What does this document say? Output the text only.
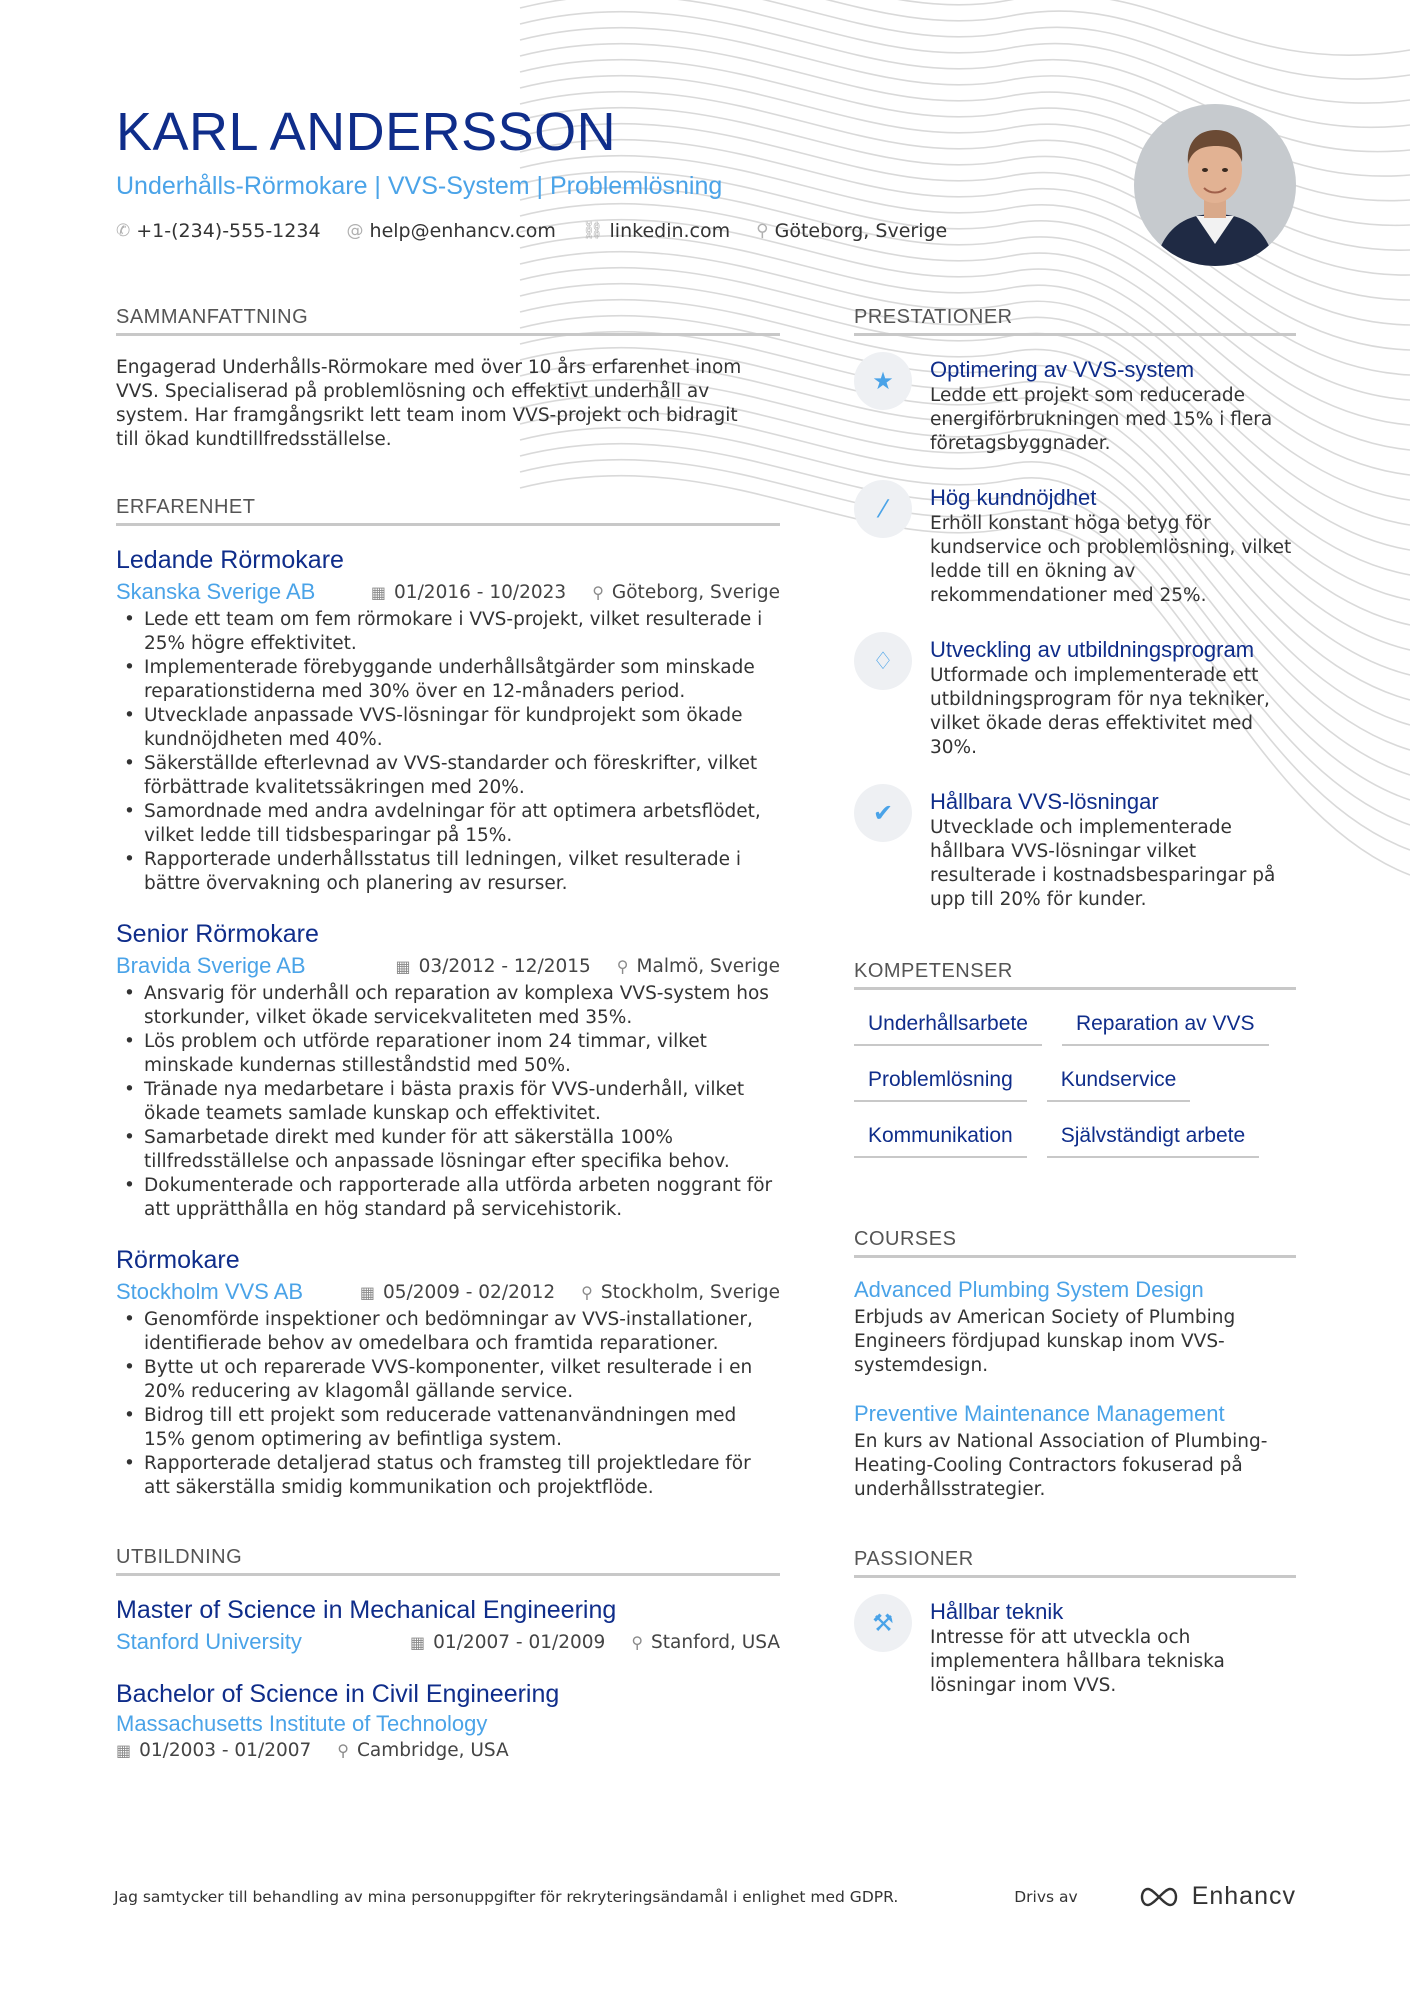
KARL ANDERSSON
Underhålls-Rörmokare | VVS-System | Problemlösning
✆ +1-(234)-555-1234 @ help@enhancv.com ⛓ linkedin.com ⚲ Göteborg, Sverige
SAMMANFATTNING
Engagerad Underhålls-Rörmokare med över 10 års erfarenhet inom VVS. Specialiserad på problemlösning och effektivt underhåll av system. Har framgångsrikt lett team inom VVS-projekt och bidragit till ökad kundtillfredsställelse.
ERFARENHET
Ledande Rörmokare
Skanska Sverige AB	▦ 01/2016 - 10/2023 ⚲ Göteborg, Sverige
• Lede ett team om fem rörmokare i VVS-projekt, vilket resulterade i 25% högre effektivitet.
• Implementerade förebyggande underhållsåtgärder som minskade reparationstiderna med 30% över en 12-månaders period.
• Utvecklade anpassade VVS-lösningar för kundprojekt som ökade kundnöjdheten med 40%.
• Säkerställde efterlevnad av VVS-standarder och föreskrifter, vilket förbättrade kvalitetssäkringen med 20%.
• Samordnade med andra avdelningar för att optimera arbetsflödet, vilket ledde till tidsbesparingar på 15%.
• Rapporterade underhållsstatus till ledningen, vilket resulterade i bättre övervakning och planering av resurser.
Senior Rörmokare
Bravida Sverige AB	▦ 03/2012 - 12/2015 ⚲ Malmö, Sverige
• Ansvarig för underhåll och reparation av komplexa VVS-system hos storkunder, vilket ökade servicekvaliteten med 35%.
• Lös problem och utförde reparationer inom 24 timmar, vilket minskade kundernas stilleståndstid med 50%.
• Tränade nya medarbetare i bästa praxis för VVS-underhåll, vilket ökade teamets samlade kunskap och effektivitet.
• Samarbetade direkt med kunder för att säkerställa 100% tillfredsställelse och anpassade lösningar efter specifika behov.
• Dokumenterade och rapporterade alla utförda arbeten noggrant för att upprätthålla en hög standard på servicehistorik.
Rörmokare
Stockholm VVS AB	▦ 05/2009 - 02/2012 ⚲ Stockholm, Sverige
• Genomförde inspektioner och bedömningar av VVS-installationer, identifierade behov av omedelbara och framtida reparationer.
• Bytte ut och reparerade VVS-komponenter, vilket resulterade i en 20% reducering av klagomål gällande service.
• Bidrog till ett projekt som reducerade vattenanvändningen med 15% genom optimering av befintliga system.
• Rapporterade detaljerad status och framsteg till projektledare för att säkerställa smidig kommunikation och projektflöde.
UTBILDNING
Master of Science in Mechanical Engineering
Stanford University	▦ 01/2007 - 01/2009 ⚲ Stanford, USA
Bachelor of Science in Civil Engineering
Massachusetts Institute of Technology
▦ 01/2003 - 01/2007 ⚲ Cambridge, USA
PRESTATIONER
★	Optimering av VVS-system
Ledde ett projekt som reducerade energiförbrukningen med 15% i flera företagsbyggnader.
⁄	Hög kundnöjdhet
Erhöll konstant höga betyg för kundservice och problemlösning, vilket ledde till en ökning av rekommendationer med 25%.
♢	Utveckling av utbildningsprogram
Utformade och implementerade ett utbildningsprogram för nya tekniker, vilket ökade deras effektivitet med 30%.
✔	Hållbara VVS-lösningar
Utvecklade och implementerade hållbara VVS-lösningar vilket resulterade i kostnadsbesparingar på upp till 20% för kunder.
KOMPETENSER
Underhållsarbete	Reparation av VVS
Problemlösning	Kundservice
Kommunikation	Självständigt arbete
COURSES
Advanced Plumbing System Design
Erbjuds av American Society of Plumbing Engineers fördjupad kunskap inom VVS-systemdesign.
Preventive Maintenance Management
En kurs av National Association of Plumbing-Heating-Cooling Contractors fokuserad på underhållsstrategier.
PASSIONER
⚒	Hållbar teknik
Intresse för att utveckla och implementera hållbara tekniska lösningar inom VVS.
Jag samtycker till behandling av mina personuppgifter för rekryteringsändamål i enlighet med GDPR.	Drivs av	Enhancv
